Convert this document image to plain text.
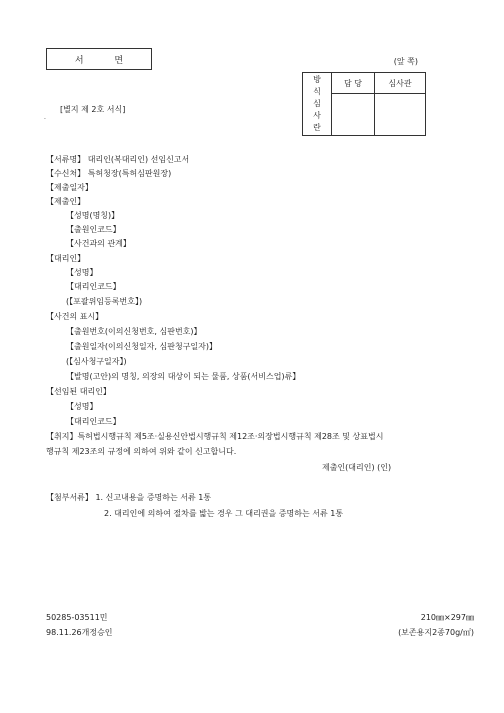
서 면	(앞 쪽)
방
식
심
사
란	담 당	심사관

[별지 제 2호 서식]
·
【서류명】 대리인(복대리인) 선임신고서
【수신처】 특허청장(특허심판원장)
【제출일자】
【제출인】
【성명(명칭)】
【출원인코드】
【사건과의 관계】
【대리인】
【성명】
【대리인코드】
(【포괄위임등록번호】)
【사건의 표시】
【출원번호(이의신청번호, 심판번호)】
【출원일자(이의신청일자, 심판청구일자)】
(【심사청구일자】)
【발명(고안)의 명칭, 의장의 대상이 되는 물품, 상품(서비스업)류】
【선임된 대리인】
【성명】
【대리인코드】
【취지】특허법시행규칙 제5조·실용신안법시행규칙 제12조·의장법시행규칙 제28조 및 상표법시
행규칙 제23조의 규정에 의하여 위와 같이 신고합니다.
제출인(대리인) (인)
【첨부서류】 1. 신고내용을 증명하는 서류 1통
2. 대리인에 의하여 절차를 밟는 경우 그 대리권을 증명하는 서류 1통
50285-03511민
98.11.26개정승인
210㎜×297㎜
(보존용지2종70g/㎡)
